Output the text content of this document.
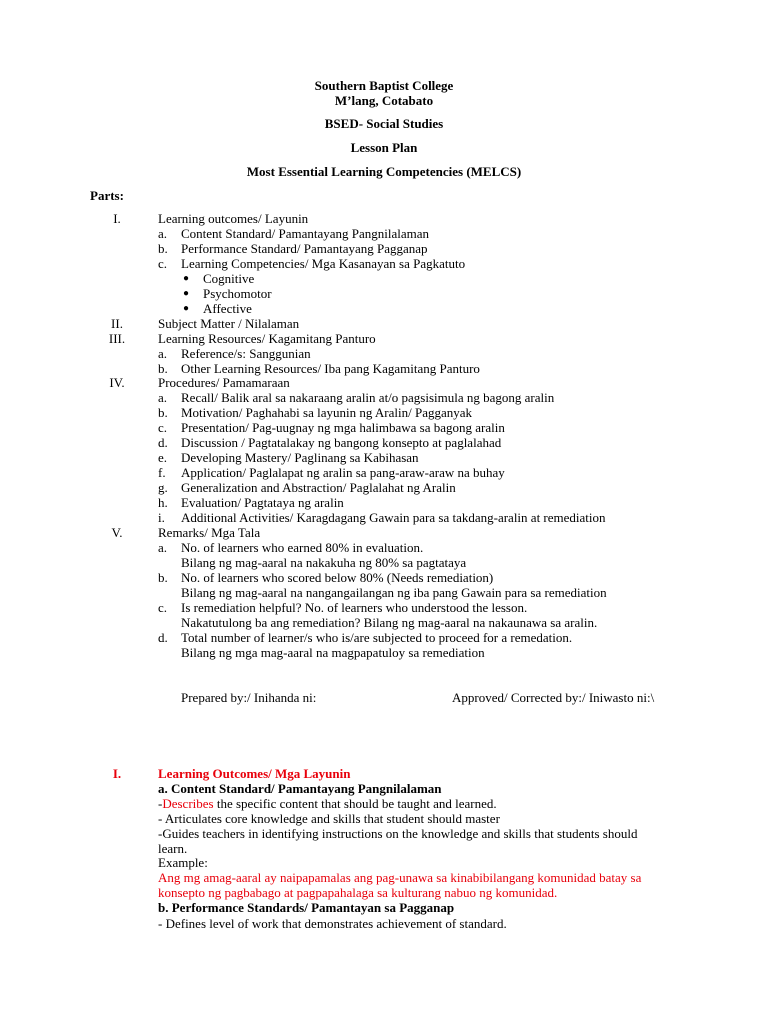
Southern Baptist College
M’lang, Cotabato
BSED- Social Studies
Lesson Plan
Most Essential Learning Competencies (MELCS)
Parts:
I.	Learning outcomes/ Layunin
a. Content Standard/ Pamantayang Pangnilalaman
b. Performance Standard/ Pamantayang Pagganap
c. Learning Competencies/ Mga Kasanayan sa Pagkatuto
● Cognitive
● Psychomotor
● Affective
II.	Subject Matter / Nilalaman
III.	Learning Resources/ Kagamitang Panturo
a. Reference/s: Sanggunian
b. Other Learning Resources/ Iba pang Kagamitang Panturo
IV.	Procedures/ Pamamaraan
a. Recall/ Balik aral sa nakaraang aralin at/o pagsisimula ng bagong aralin
b. Motivation/ Paghahabi sa layunin ng Aralin/ Pagganyak
c. Presentation/ Pag-uugnay ng mga halimbawa sa bagong aralin
d. Discussion / Pagtatalakay ng bangong konsepto at paglalahad
e. Developing Mastery/ Paglinang sa Kabihasan
f. Application/ Paglalapat ng aralin sa pang-araw-araw na buhay
g. Generalization and Abstraction/ Paglalahat ng Aralin
h. Evaluation/ Pagtataya ng aralin
i. Additional Activities/ Karagdagang Gawain para sa takdang-aralin at remediation
V.	Remarks/ Mga Tala
a. No. of learners who earned 80% in evaluation.
Bilang ng mag-aaral na nakakuha ng 80% sa pagtataya
b. No. of learners who scored below 80% (Needs remediation)
Bilang ng mag-aaral na nangangailangan ng iba pang Gawain para sa remediation
c. Is remediation helpful? No. of learners who understood the lesson.
Nakatutulong ba ang remediation? Bilang ng mag-aaral na nakaunawa sa aralin.
d. Total number of learner/s who is/are subjected to proceed for a remedation.
Bilang ng mga mag-aaral na magpapatuloy sa remediation
Prepared by:/ Inihanda ni:	Approved/ Corrected by:/ Iniwasto ni:\
I.	Learning Outcomes/ Mga Layunin
a. Content Standard/ Pamantayang Pangnilalaman
-Describes the specific content that should be taught and learned.
- Articulates core knowledge and skills that student should master
-Guides teachers in identifying instructions on the knowledge and skills that students should
learn.
Example:
Ang mg amag-aaral ay naipapamalas ang pag-unawa sa kinabibilangang komunidad batay sa
konsepto ng pagbabago at pagpapahalaga sa kulturang nabuo ng komunidad.
b. Performance Standards/ Pamantayan sa Pagganap
- Defines level of work that demonstrates achievement of standard.
